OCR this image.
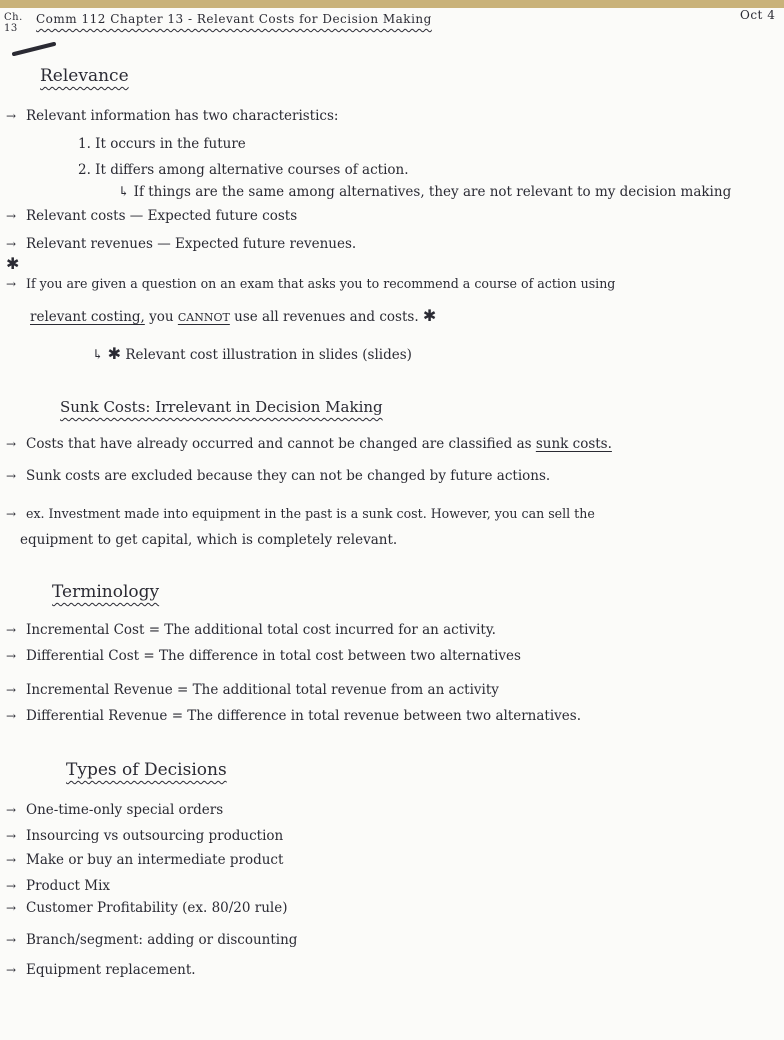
Ch. 13
Comm 112 Chapter 13 - Relevant Costs for Decision Making	Oct 4
Relevance
→ Relevant information has two characteristics:
1. It occurs in the future
2. It differs among alternative courses of action.
↳ If things are the same among alternatives, they are not relevant to my decision making
→ Relevant costs — Expected future costs
→ Relevant revenues — Expected future revenues.
✱
→ If you are given a question on an exam that asks you to recommend a course of action using
relevant costing, you CANNOT use all revenues and costs. ✱
↳ ✱ Relevant cost illustration in slides (slides)
Sunk Costs: Irrelevant in Decision Making
→ Costs that have already occurred and cannot be changed are classified as sunk costs.
→ Sunk costs are excluded because they can not be changed by future actions.
→ ex. Investment made into equipment in the past is a sunk cost. However, you can sell the
equipment to get capital, which is completely relevant.
Terminology
→ Incremental Cost = The additional total cost incurred for an activity.
→ Differential Cost = The difference in total cost between two alternatives
→ Incremental Revenue = The additional total revenue from an activity
→ Differential Revenue = The difference in total revenue between two alternatives.
Types of Decisions
→ One-time-only special orders
→ Insourcing vs outsourcing production
→ Make or buy an intermediate product
→ Product Mix
→ Customer Profitability (ex. 80/20 rule)
→ Branch/segment: adding or discounting
→ Equipment replacement.
